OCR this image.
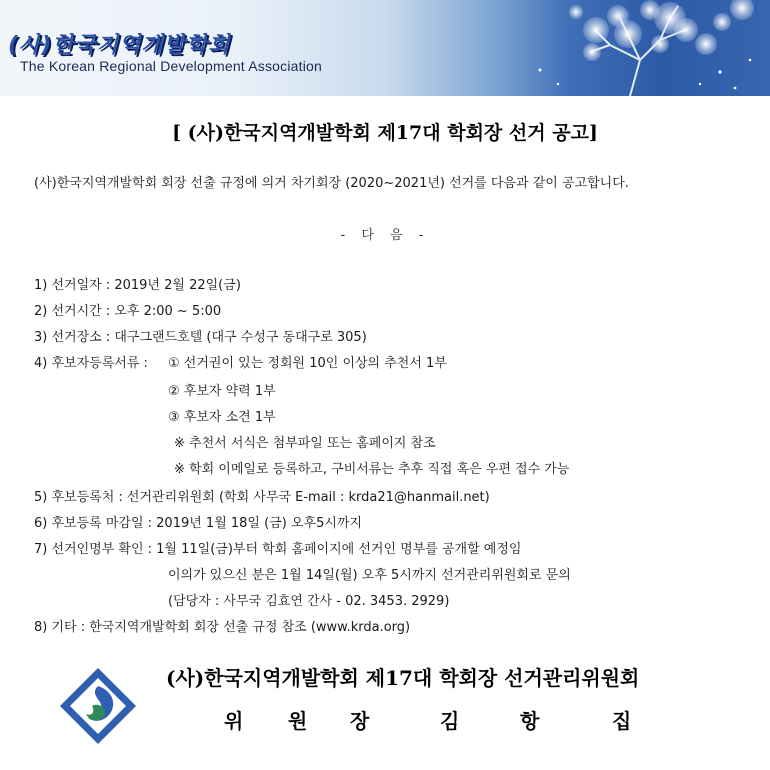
(사)한국지역개발학회
The Korean Regional Development Association
[ (사)한국지역개발학회 제17대 학회장 선거 공고]
(사)한국지역개발학회 회장 선출 규정에 의거 차기회장 (2020~2021년) 선거를 다음과 같이 공고합니다.
- 다 음 -
1) 선거일자 : 2019년 2월 22일(금)
2) 선거시간 : 오후 2:00 ~ 5:00
3) 선거장소 : 대구그랜드호텔 (대구 수성구 동대구로 305)
4) 후보자등록서류 : ① 선거권이 있는 정회원 10인 이상의 추천서 1부
② 후보자 약력 1부
③ 후보자 소견 1부
※ 추천서 서식은 첨부파일 또는 홈페이지 참조
※ 학회 이메일로 등록하고, 구비서류는 추후 직접 혹은 우편 접수 가능
5) 후보등록처 : 선거관리위원회 (학회 사무국 E-mail : krda21@hanmail.net)
6) 후보등록 마감일 : 2019년 1월 18일 (금) 오후5시까지
7) 선거인명부 확인 : 1월 11일(금)부터 학회 홈페이지에 선거인 명부를 공개할 예정임
이의가 있으신 분은 1월 14일(월) 오후 5시까지 선거관리위원회로 문의
(담당자 : 사무국 김효연 간사 - 02. 3453. 2929)
8) 기타 : 한국지역개발학회 회장 선출 규정 참조 (www.krda.org)
(사)한국지역개발학회 제17대 학회장 선거관리위원회
위 원 장	김	항	집
